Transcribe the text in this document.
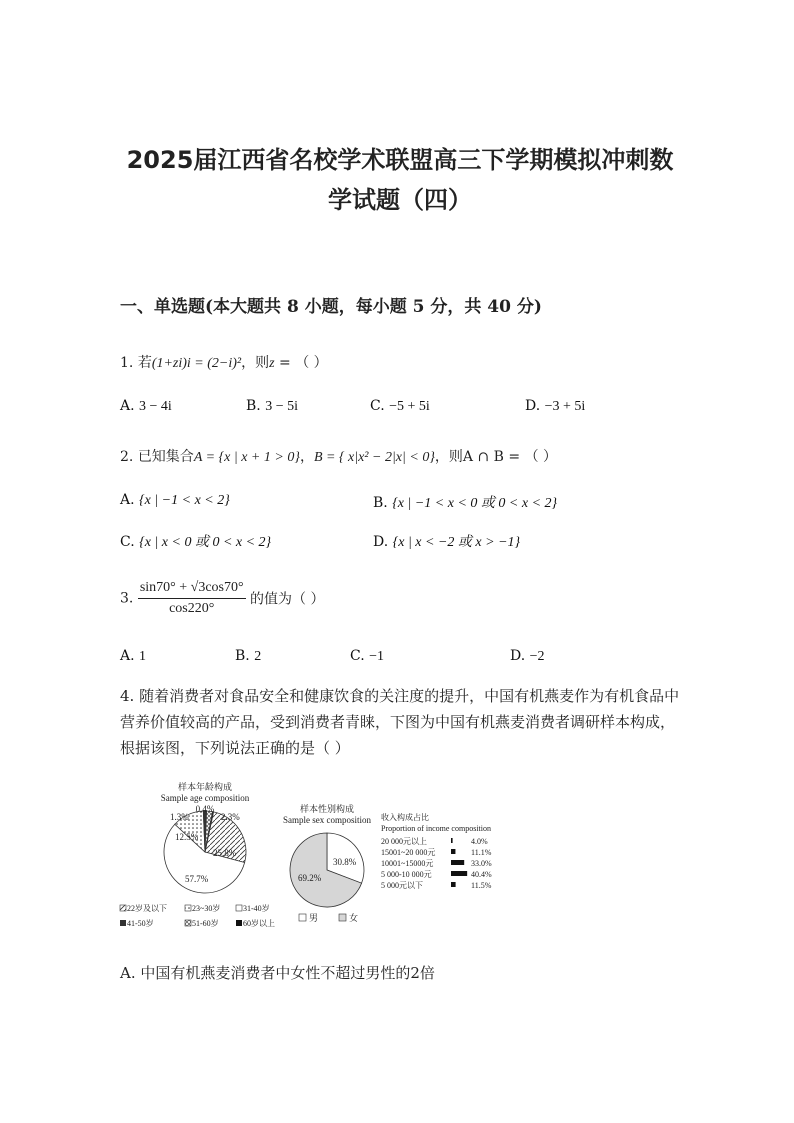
2025届江西省名校学术联盟高三下学期模拟冲刺数
学试题（四）
一、单选题(本大题共 8 小题，每小题 5 分，共 40 分)
1. 若(1+zi)i = (2−i)²，则z = （ ）
A. 3 − 4i	B. 3 − 5i	C. −5 + 5i	D. −3 + 5i
2. 已知集合A = {x | x + 1 > 0}，B = { x|x² − 2|x| < 0}，则A ∩ B = （ ）
A. {x | −1 < x < 2}	B. {x | −1 < x < 0 或 0 < x < 2}
C. {x | x < 0 或 0 < x < 2}	D. {x | x < −2 或 x > −1}
3. $\frac{\sin 70^\circ + √3\cos 70^\circ}{\cos 220^\circ}$ 的值为（ ）
A. 1	B. 2	C. −1	D. −2
4. 随着消费者对食品安全和健康饮食的关注度的提升，中国有机燕麦作为有机食品中营养价值较高的产品，受到消费者青睐，下图为中国有机燕麦消费者调研样本构成，根据该图，下列说法正确的是（ ）
样本年龄构成
Sample age composition
0.4%
1.3%	2.3%
12.5%
25.8%
57.7%
22岁及以下	23~30岁	31-40岁
41-50岁	51-60岁	60岁以上
样本性别构成
Sample sex composition
30.8%
69.2%
男	女
收入构成占比
Proportion of income composition
20 000元以上	4.0%
15001~20 000元	11.1%
10001~15000元	33.0%
5 000-10 000元	40.4%
5 000元以下	11.5%
A. 中国有机燕麦消费者中女性不超过男性的2倍
